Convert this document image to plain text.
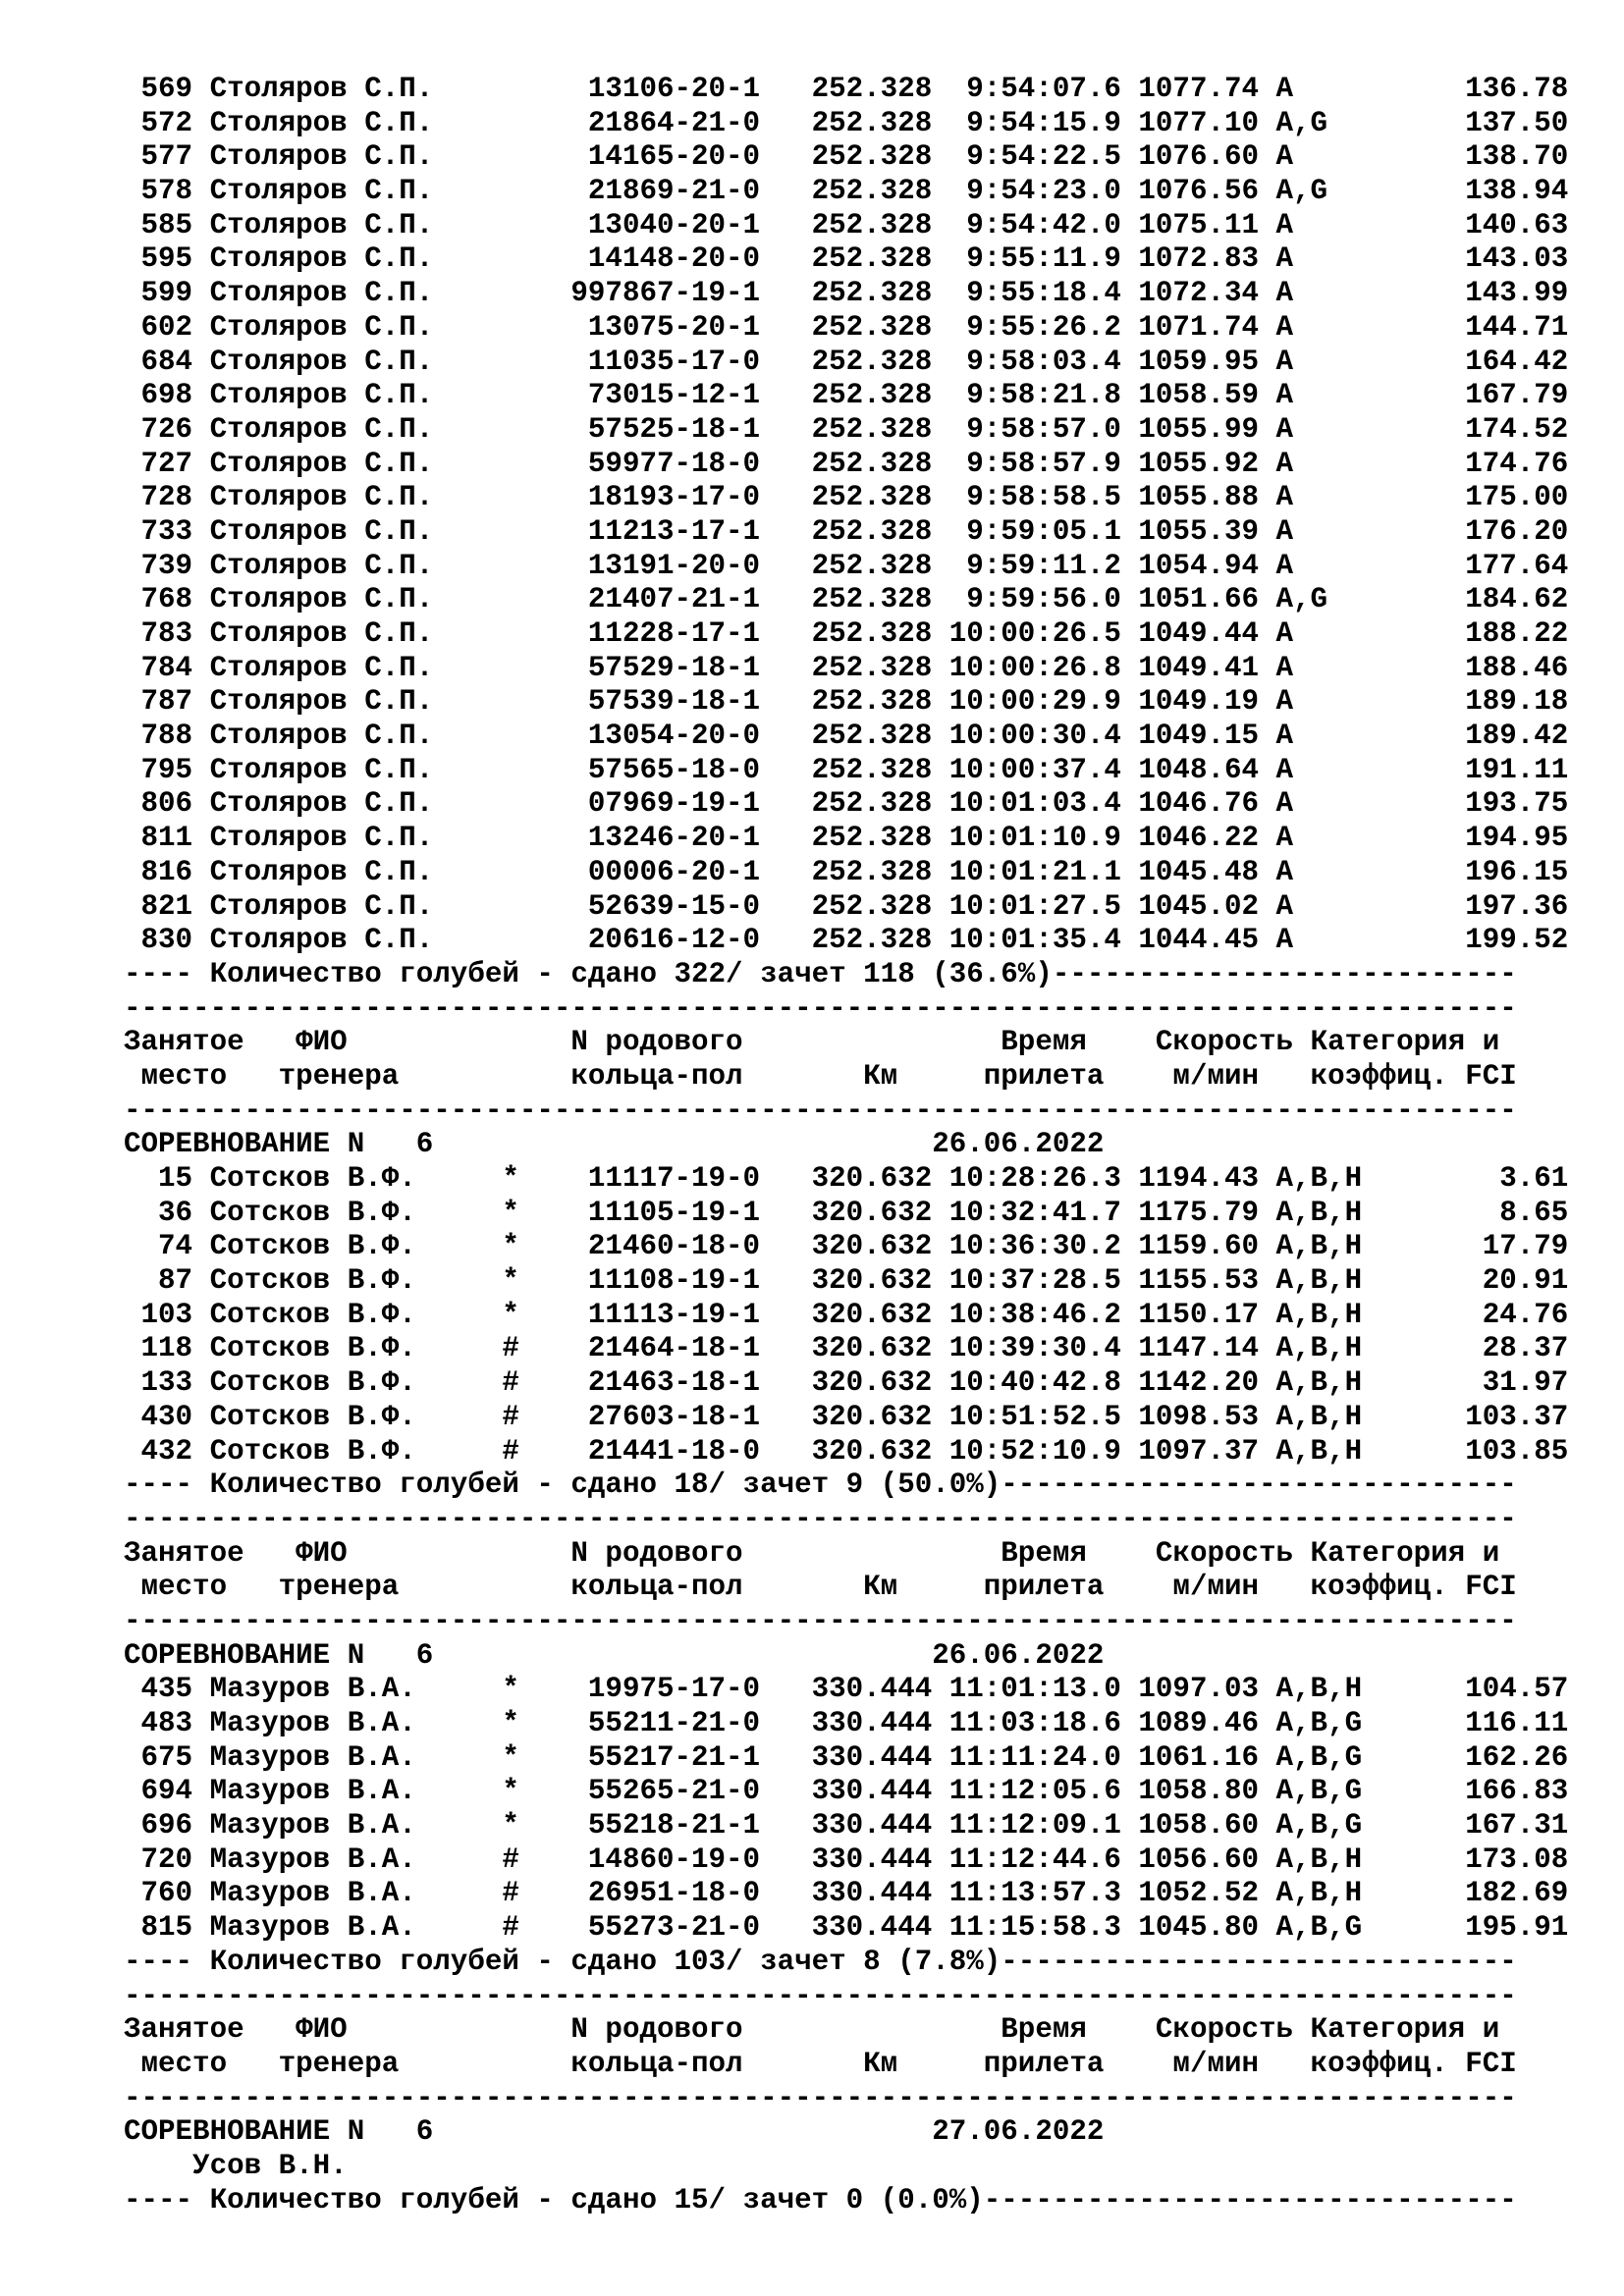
569 Столяров С.П.         13106-20-1   252.328  9:54:07.6 1077.74 A          136.78
572 Столяров С.П.         21864-21-0   252.328  9:54:15.9 1077.10 A,G        137.50
577 Столяров С.П.         14165-20-0   252.328  9:54:22.5 1076.60 A          138.70
578 Столяров С.П.         21869-21-0   252.328  9:54:23.0 1076.56 A,G        138.94
585 Столяров С.П.         13040-20-1   252.328  9:54:42.0 1075.11 A          140.63
595 Столяров С.П.         14148-20-0   252.328  9:55:11.9 1072.83 A          143.03
599 Столяров С.П.        997867-19-1   252.328  9:55:18.4 1072.34 A          143.99
602 Столяров С.П.         13075-20-1   252.328  9:55:26.2 1071.74 A          144.71
684 Столяров С.П.         11035-17-0   252.328  9:58:03.4 1059.95 A          164.42
698 Столяров С.П.         73015-12-1   252.328  9:58:21.8 1058.59 A          167.79
726 Столяров С.П.         57525-18-1   252.328  9:58:57.0 1055.99 A          174.52
727 Столяров С.П.         59977-18-0   252.328  9:58:57.9 1055.92 A          174.76
728 Столяров С.П.         18193-17-0   252.328  9:58:58.5 1055.88 A          175.00
733 Столяров С.П.         11213-17-1   252.328  9:59:05.1 1055.39 A          176.20
739 Столяров С.П.         13191-20-0   252.328  9:59:11.2 1054.94 A          177.64
768 Столяров С.П.         21407-21-1   252.328  9:59:56.0 1051.66 A,G        184.62
783 Столяров С.П.         11228-17-1   252.328 10:00:26.5 1049.44 A          188.22
784 Столяров С.П.         57529-18-1   252.328 10:00:26.8 1049.41 A          188.46
787 Столяров С.П.         57539-18-1   252.328 10:00:29.9 1049.19 A          189.18
788 Столяров С.П.         13054-20-0   252.328 10:00:30.4 1049.15 A          189.42
795 Столяров С.П.         57565-18-0   252.328 10:00:37.4 1048.64 A          191.11
806 Столяров С.П.         07969-19-1   252.328 10:01:03.4 1046.76 A          193.75
811 Столяров С.П.         13246-20-1   252.328 10:01:10.9 1046.22 A          194.95
816 Столяров С.П.         00006-20-1   252.328 10:01:21.1 1045.48 A          196.15
821 Столяров С.П.         52639-15-0   252.328 10:01:27.5 1045.02 A          197.36
830 Столяров С.П.         20616-12-0   252.328 10:01:35.4 1044.45 A          199.52
---- Количество голубей - сдано 322/ зачет 118 (36.6%)---------------------------
---------------------------------------------------------------------------------
Занятое   ФИО             N родового               Время    Скорость Категория и
место   тренера          кольца-пол       Км     прилета    м/мин   коэффиц. FCI
---------------------------------------------------------------------------------
СОРЕВНОВАНИЕ N   6                             26.06.2022
15 Сотсков В.Ф.     *    11117-19-0   320.632 10:28:26.3 1194.43 A,B,H        3.61
36 Сотсков В.Ф.     *    11105-19-1   320.632 10:32:41.7 1175.79 A,B,H        8.65
74 Сотсков В.Ф.     *    21460-18-0   320.632 10:36:30.2 1159.60 A,B,H       17.79
87 Сотсков В.Ф.     *    11108-19-1   320.632 10:37:28.5 1155.53 A,B,H       20.91
103 Сотсков В.Ф.     *    11113-19-1   320.632 10:38:46.2 1150.17 A,B,H       24.76
118 Сотсков В.Ф.     #    21464-18-1   320.632 10:39:30.4 1147.14 A,B,H       28.37
133 Сотсков В.Ф.     #    21463-18-1   320.632 10:40:42.8 1142.20 A,B,H       31.97
430 Сотсков В.Ф.     #    27603-18-1   320.632 10:51:52.5 1098.53 A,B,H      103.37
432 Сотсков В.Ф.     #    21441-18-0   320.632 10:52:10.9 1097.37 A,B,H      103.85
---- Количество голубей - сдано 18/ зачет 9 (50.0%)------------------------------
---------------------------------------------------------------------------------
Занятое   ФИО             N родового               Время    Скорость Категория и
место   тренера          кольца-пол       Км     прилета    м/мин   коэффиц. FCI
---------------------------------------------------------------------------------
СОРЕВНОВАНИЕ N   6                             26.06.2022
435 Мазуров В.А.     *    19975-17-0   330.444 11:01:13.0 1097.03 A,B,H      104.57
483 Мазуров В.А.     *    55211-21-0   330.444 11:03:18.6 1089.46 A,B,G      116.11
675 Мазуров В.А.     *    55217-21-1   330.444 11:11:24.0 1061.16 A,B,G      162.26
694 Мазуров В.А.     *    55265-21-0   330.444 11:12:05.6 1058.80 A,B,G      166.83
696 Мазуров В.А.     *    55218-21-1   330.444 11:12:09.1 1058.60 A,B,G      167.31
720 Мазуров В.А.     #    14860-19-0   330.444 11:12:44.6 1056.60 A,B,H      173.08
760 Мазуров В.А.     #    26951-18-0   330.444 11:13:57.3 1052.52 A,B,H      182.69
815 Мазуров В.А.     #    55273-21-0   330.444 11:15:58.3 1045.80 A,B,G      195.91
---- Количество голубей - сдано 103/ зачет 8 (7.8%)------------------------------
---------------------------------------------------------------------------------
Занятое   ФИО             N родового               Время    Скорость Категория и
место   тренера          кольца-пол       Км     прилета    м/мин   коэффиц. FCI
---------------------------------------------------------------------------------
СОРЕВНОВАНИЕ N   6                             27.06.2022
Усов В.Н.
---- Количество голубей - сдано 15/ зачет 0 (0.0%)-------------------------------
